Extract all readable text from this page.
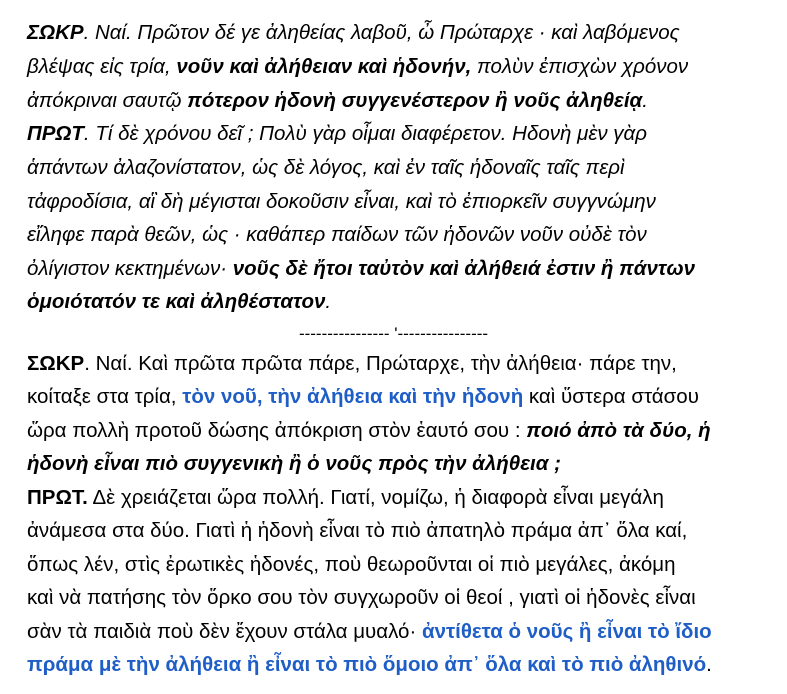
ΣΩΚΡ. Ναί. Πρῶτον δέ γε ἀληθείας λαβοῦ, ὦ Πρώταρχε · καὶ λαβόμενος
βλέψας εἰς τρία, νοῦν καὶ ἀλήθειαν καὶ ἡδονήν, πολὺν ἐπισχὼν χρόνον
ἀπόκριναι σαυτῷ πότερον ἡδονὴ συγγενέστερον ἢ νοῦς ἀληθείᾳ.
ΠΡΩΤ. Τί δὲ χρόνου δεῖ ; Πολὺ γὰρ οἶμαι διαφέρετον. Ηδονὴ μὲν γὰρ
ἁπάντων ἀλαζονίστατον, ὡς δὲ λόγος, καὶ ἐν ταῖς ἡδοναῖς ταῖς περὶ
τἀφροδίσια, αἳ δὴ μέγισται δοκοῦσιν εἶναι, καὶ τὸ ἐπιορκεῖν συγγνώμην
εἴληφε παρὰ θεῶν, ὡς · καθάπερ παίδων τῶν ἡδονῶν νοῦν οὐδὲ τὸν
ὀλίγιστον κεκτημένων· νοῦς δὲ ἤτοι ταὐτὸν καὶ ἀλήθειά ἐστιν ἢ πάντων
ὁμοιότατόν τε καὶ ἀληθέστατον.
---------------- '----------------
ΣΩΚΡ. Ναί. Καὶ πρῶτα πρῶτα πάρε, Πρώταρχε, τὴν ἀλήθεια· πάρε την,
κοίταξε στα τρία, τὸν νοῦ, τὴν ἀλήθεια καὶ τὴν ἡδονὴ καὶ ὕστερα στάσου
ὥρα πολλὴ προτοῦ δώσης ἀπόκριση στὸν ἑαυτό σου : ποιό ἀπὸ τὰ δύο, ἡ
ἡδονὴ εἶναι πιὸ συγγενικὴ ἢ ὁ νοῦς πρὸς τὴν ἀλήθεια ;
ΠΡΩΤ. Δὲ χρειάζεται ὥρα πολλή. Γιατί, νομίζω, ἡ διαφορὰ εἶναι μεγάλη
ἀνάμεσα στα δύο. Γιατὶ ἡ ἡδονὴ εἶναι τὸ πιὸ ἀπατηλὸ πράμα ἀπ᾽ ὅλα καί,
ὅπως λέν, στὶς ἐρωτικὲς ἡδονές, ποὺ θεωροῦνται οἱ πιὸ μεγάλες, ἀκόμη
καὶ νὰ πατήσης τὸν ὅρκο σου τὸν συγχωροῦν οἱ θεοί , γιατὶ οἱ ἡδονὲς εἶναι
σὰν τὰ παιδιὰ ποὺ δὲν ἔχουν στάλα μυαλό· ἀντίθετα ὁ νοῦς ἢ εἶναι τὸ ἴδιο
πράμα μὲ τὴν ἀλήθεια ἢ εἶναι τὸ πιὸ ὅμοιο ἀπ᾽ ὅλα καὶ τὸ πιὸ ἀληθινό.
